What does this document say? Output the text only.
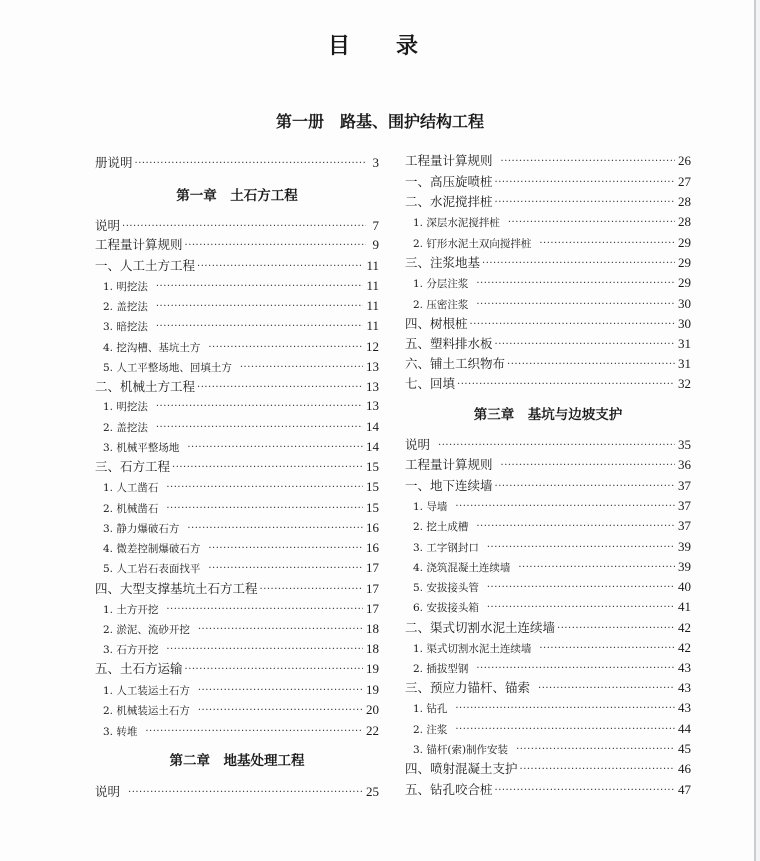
目录
第一册　路基、围护结构工程
册说明 ·····	3
第一章　土石方工程
说明 ·····	7
工程量计算规则 ·····	9
一、人工土方工程 ·····	11
1. 明挖法 ·····	11
2. 盖挖法 ·····	11
3. 暗挖法 ·····	11
4. 挖沟槽、基坑土方 ·····	12
5. 人工平整场地、回填土方 ·····	13
二、机械土方工程 ·····	13
1. 明挖法 ·····	13
2. 盖挖法 ·····	14
3. 机械平整场地 ·····	14
三、石方工程 ·····	15
1. 人工凿石 ·····	15
2. 机械凿石 ·····	15
3. 静力爆破石方 ·····	16
4. 微差控制爆破石方 ·····	16
5. 人工岩石表面找平 ·····	17
四、大型支撑基坑土石方工程 ·····	17
1. 土方开挖 ·····	17
2. 淤泥、流砂开挖 ·····	18
3. 石方开挖 ·····	18
五、土石方运输 ·····	19
1. 人工装运土石方 ·····	19
2. 机械装运土石方 ·····	20
3. 转堆 ·····	22
第二章　地基处理工程
说明 ·····	25
工程量计算规则 ·····	26
一、高压旋喷桩 ·····	27
二、水泥搅拌桩 ·····	28
1. 深层水泥搅拌桩 ·····	28
2. 钉形水泥土双向搅拌桩 ·····	29
三、注浆地基 ·····	29
1. 分层注浆 ·····	29
2. 压密注浆 ·····	30
四、树根桩 ·····	30
五、塑料排水板 ·····	31
六、铺土工织物布 ·····	31
七、回填 ·····	32
第三章　基坑与边坡支护
说明 ·····	35
工程量计算规则 ·····	36
一、地下连续墙 ·····	37
1. 导墙 ·····	37
2. 挖土成槽 ·····	37
3. 工字钢封口 ·····	39
4. 浇筑混凝土连续墙 ·····	39
5. 安拔接头管 ·····	40
6. 安拔接头箱 ·····	41
二、渠式切割水泥土连续墙 ·····	42
1. 渠式切割水泥土连续墙 ·····	42
2. 插拔型钢 ·····	43
三、预应力锚杆、锚索 ·····	43
1. 钻孔 ·····	43
2. 注浆 ·····	44
3. 锚杆(索)制作安装 ·····	45
四、喷射混凝土支护 ·····	46
五、钻孔咬合桩 ·····	47
